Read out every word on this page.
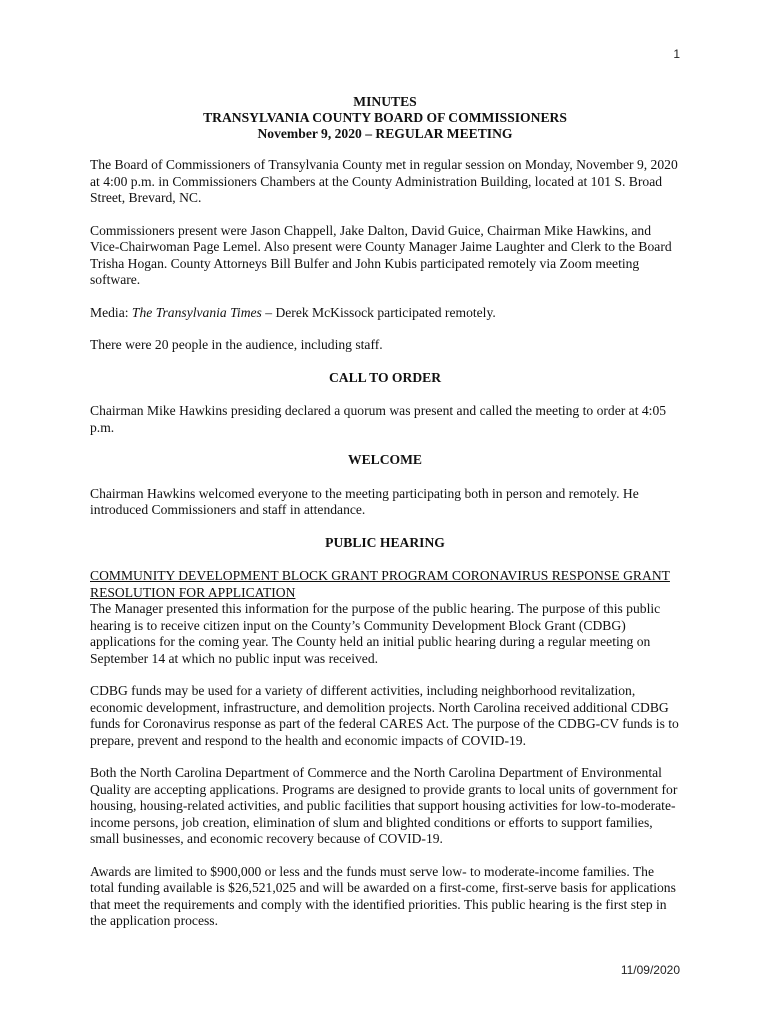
1
MINUTES
TRANSYLVANIA COUNTY BOARD OF COMMISSIONERS
November 9, 2020 – REGULAR MEETING

The Board of Commissioners of Transylvania County met in regular session on Monday, November 9, 2020 at 4:00 p.m. in Commissioners Chambers at the County Administration Building, located at 101 S. Broad Street, Brevard, NC.

Commissioners present were Jason Chappell, Jake Dalton, David Guice, Chairman Mike Hawkins, and Vice-Chairwoman Page Lemel. Also present were County Manager Jaime Laughter and Clerk to the Board Trisha Hogan. County Attorneys Bill Bulfer and John Kubis participated remotely via Zoom meeting software.

Media: The Transylvania Times – Derek McKissock participated remotely.

There were 20 people in the audience, including staff.

CALL TO ORDER

Chairman Mike Hawkins presiding declared a quorum was present and called the meeting to order at 4:05 p.m.

WELCOME

Chairman Hawkins welcomed everyone to the meeting participating both in person and remotely. He introduced Commissioners and staff in attendance.

PUBLIC HEARING
COMMUNITY DEVELOPMENT BLOCK GRANT PROGRAM CORONAVIRUS RESPONSE GRANT RESOLUTION FOR APPLICATION

The Manager presented this information for the purpose of the public hearing. The purpose of this public hearing is to receive citizen input on the County’s Community Development Block Grant (CDBG) applications for the coming year. The County held an initial public hearing during a regular meeting on September 14 at which no public input was received.

CDBG funds may be used for a variety of different activities, including neighborhood revitalization, economic development, infrastructure, and demolition projects. North Carolina received additional CDBG funds for Coronavirus response as part of the federal CARES Act. The purpose of the CDBG-CV funds is to prepare, prevent and respond to the health and economic impacts of COVID-19.

Both the North Carolina Department of Commerce and the North Carolina Department of Environmental Quality are accepting applications. Programs are designed to provide grants to local units of government for housing, housing-related activities, and public facilities that support housing activities for low-to-moderate-income persons, job creation, elimination of slum and blighted conditions or efforts to support families, small businesses, and economic recovery because of COVID-19.

Awards are limited to $900,000 or less and the funds must serve low- to moderate-income families. The total funding available is $26,521,025 and will be awarded on a first-come, first-serve basis for applications that meet the requirements and comply with the identified priorities. This public hearing is the first step in the application process.

11/09/2020
